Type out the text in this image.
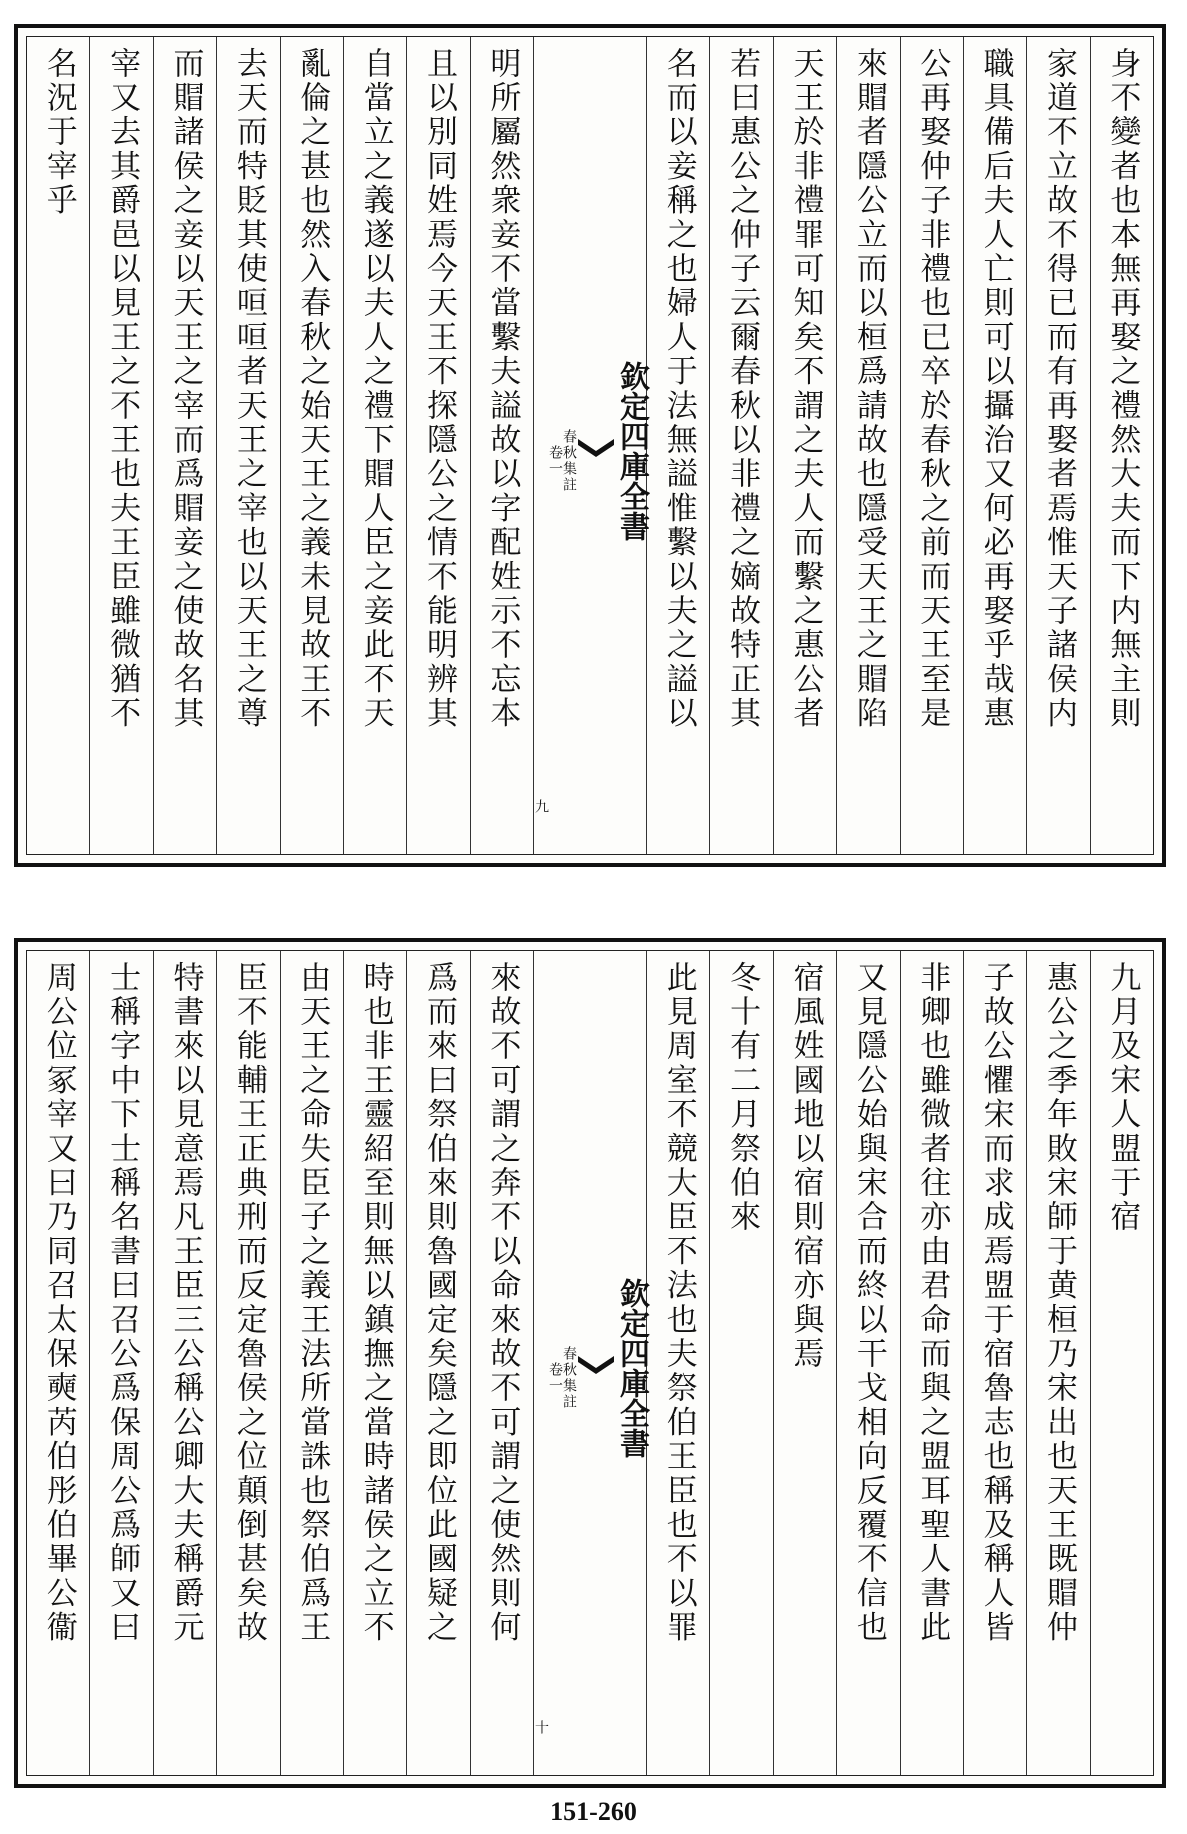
身不變者也本無再娶之禮然大夫而下内無主則
家道不立故不得已而有再娶者焉惟天子諸侯内
職具備后夫人亡則可以攝治又何必再娶乎哉惠
公再娶仲子非禮也已卒於春秋之前而天王至是
來賵者隱公立而以桓爲請故也隱受天王之賵陷
天王於非禮罪可知矣不謂之夫人而繫之惠公者
若曰惠公之仲子云爾春秋以非禮之嫡故特正其
名而以妾稱之也婦人于法無謚惟繫以夫之謚以
欽定四庫全書
春秋集註
卷一
九
明所屬然衆妾不當繫夫謚故以字配姓示不忘本
且以別同姓焉今天王不探隱公之情不能明辨其
自當立之義遂以夫人之禮下賵人臣之妾此不天
亂倫之甚也然入春秋之始天王之義未見故王不
去天而特貶其使咺咺者天王之宰也以天王之尊
而賵諸侯之妾以天王之宰而爲賵妾之使故名其
宰又去其爵邑以見王之不王也夫王臣雖微猶不
名況于宰乎
九月及宋人盟于宿
惠公之季年敗宋師于黄桓乃宋出也天王既賵仲
子故公懼宋而求成焉盟于宿魯志也稱及稱人皆
非卿也雖微者往亦由君命而與之盟耳聖人書此
又見隱公始與宋合而終以干戈相向反覆不信也
宿風姓國地以宿則宿亦與焉
冬十有二月祭伯來
此見周室不競大臣不法也夫祭伯王臣也不以罪
欽定四庫全書
春秋集註
卷一
十
來故不可謂之奔不以命來故不可謂之使然則何
爲而來曰祭伯來則魯國定矣隱之即位此國疑之
時也非王靈紹至則無以鎮撫之當時諸侯之立不
由天王之命失臣子之義王法所當誅也祭伯爲王
臣不能輔王正典刑而反定魯侯之位顛倒甚矣故
特書來以見意焉凡王臣三公稱公卿大夫稱爵元
士稱字中下士稱名書曰召公爲保周公爲師又曰
周公位冢宰又曰乃同召太保奭芮伯彤伯畢公衞
151-260
